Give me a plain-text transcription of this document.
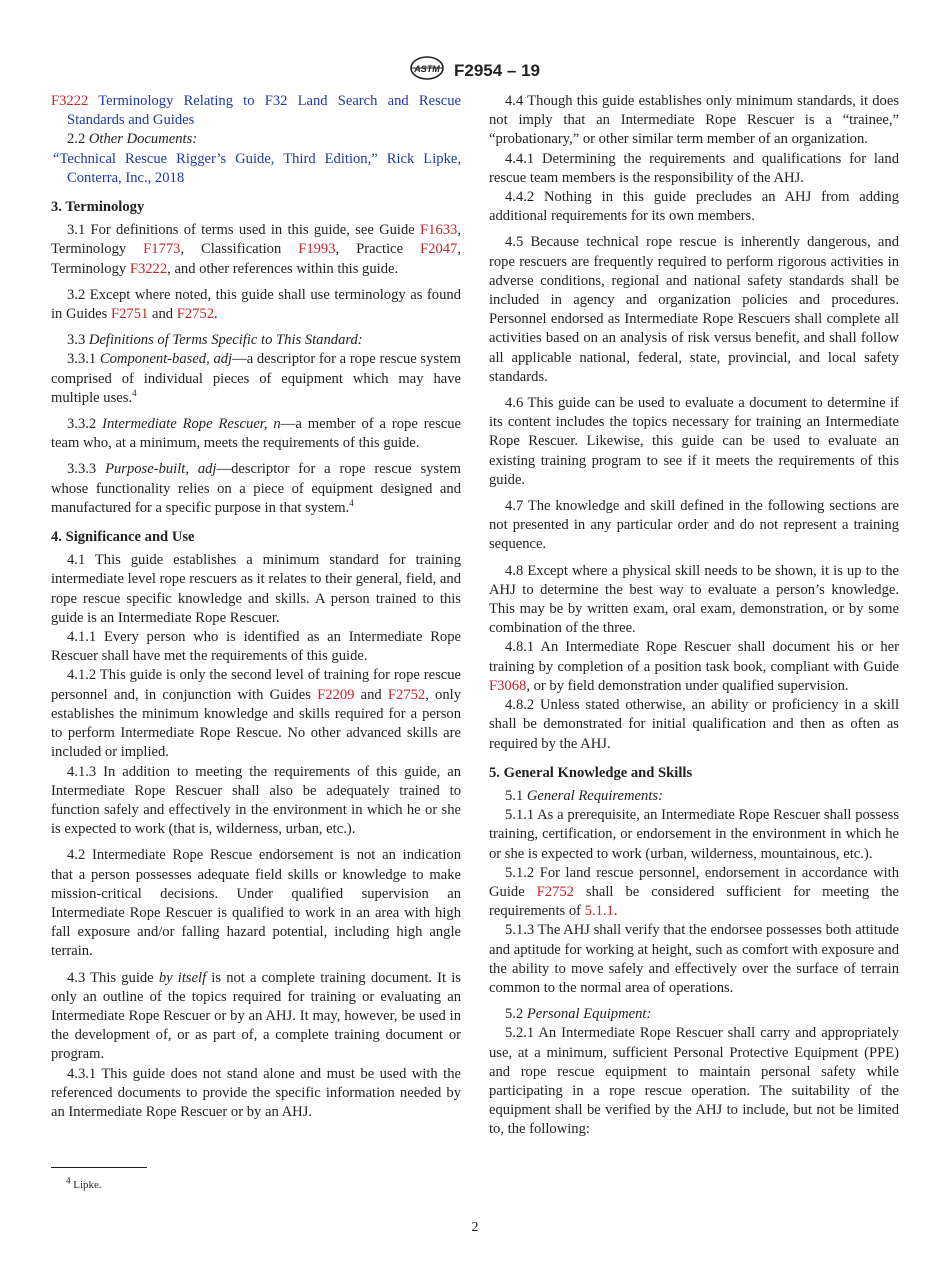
ASTM F2954 – 19

F3222 Terminology Relating to F32 Land Search and Rescue Standards and Guides

2.2 Other Documents:

“Technical Rescue Rigger’s Guide, Third Edition,” Rick Lipke, Conterra, Inc., 2018

3. Terminology

3.1 For definitions of terms used in this guide, see Guide F1633, Terminology F1773, Classification F1993, Practice F2047, Terminology F3222, and other references within this guide.

3.2 Except where noted, this guide shall use terminology as found in Guides F2751 and F2752.

3.3 Definitions of Terms Specific to This Standard:

3.3.1 Component-based, adj—a descriptor for a rope rescue system comprised of individual pieces of equipment which may have multiple uses.$^4$

3.3.2 Intermediate Rope Rescuer, n—a member of a rope rescue team who, at a minimum, meets the requirements of this guide.

3.3.3 Purpose-built, adj—descriptor for a rope rescue system whose functionality relies on a piece of equipment designed and manufactured for a specific purpose in that system.$^4$

4. Significance and Use

4.1 This guide establishes a minimum standard for training intermediate level rope rescuers as it relates to their general, field, and rope rescue specific knowledge and skills. A person trained to this guide is an Intermediate Rope Rescuer.

4.1.1 Every person who is identified as an Intermediate Rope Rescuer shall have met the requirements of this guide.

4.1.2 This guide is only the second level of training for rope rescue personnel and, in conjunction with Guides F2209 and F2752, only establishes the minimum knowledge and skills required for a person to perform Intermediate Rope Rescue. No other advanced skills are included or implied.

4.1.3 In addition to meeting the requirements of this guide, an Intermediate Rope Rescuer shall also be adequately trained to function safely and effectively in the environment in which he or she is expected to work (that is, wilderness, urban, etc.).

4.2 Intermediate Rope Rescue endorsement is not an indication that a person possesses adequate field skills or knowledge to make mission-critical decisions. Under qualified supervision an Intermediate Rope Rescuer is qualified to work in an area with high fall exposure and/or falling hazard potential, including high angle terrain.

4.3 This guide by itself is not a complete training document. It is only an outline of the topics required for training or evaluating an Intermediate Rope Rescuer or by an AHJ. It may, however, be used in the development of, or as part of, a complete training document or program.

4.3.1 This guide does not stand alone and must be used with the referenced documents to provide the specific information needed by an Intermediate Rope Rescuer or by an AHJ.

4.4 Though this guide establishes only minimum standards, it does not imply that an Intermediate Rope Rescuer is a “trainee,” “probationary,” or other similar term member of an organization.

4.4.1 Determining the requirements and qualifications for land rescue team members is the responsibility of the AHJ.

4.4.2 Nothing in this guide precludes an AHJ from adding additional requirements for its own members.

4.5 Because technical rope rescue is inherently dangerous, and rope rescuers are frequently required to perform rigorous activities in adverse conditions, regional and national safety standards shall be included in agency and organization policies and procedures. Personnel endorsed as Intermediate Rope Rescuers shall complete all activities based on an analysis of risk versus benefit, and shall follow all applicable national, federal, state, provincial, and local safety standards.

4.6 This guide can be used to evaluate a document to determine if its content includes the topics necessary for training an Intermediate Rope Rescuer. Likewise, this guide can be used to evaluate an existing training program to see if it meets the requirements of this guide.

4.7 The knowledge and skill defined in the following sections are not presented in any particular order and do not represent a training sequence.

4.8 Except where a physical skill needs to be shown, it is up to the AHJ to determine the best way to evaluate a person’s knowledge. This may be by written exam, oral exam, demonstration, or by some combination of the three.

4.8.1 An Intermediate Rope Rescuer shall document his or her training by completion of a position task book, compliant with Guide F3068, or by field demonstration under qualified supervision.

4.8.2 Unless stated otherwise, an ability or proficiency in a skill shall be demonstrated for initial qualification and then as often as required by the AHJ.

5. General Knowledge and Skills

5.1 General Requirements:

5.1.1 As a prerequisite, an Intermediate Rope Rescuer shall possess training, certification, or endorsement in the environment in which he or she is expected to work (urban, wilderness, mountainous, etc.).

5.1.2 For land rescue personnel, endorsement in accordance with Guide F2752 shall be considered sufficient for meeting the requirements of 5.1.1.

5.1.3 The AHJ shall verify that the endorsee possesses both attitude and aptitude for working at height, such as comfort with exposure and the ability to move safely and effectively over the surface of terrain common to the normal area of operations.

5.2 Personal Equipment:

5.2.1 An Intermediate Rope Rescuer shall carry and appropriately use, at a minimum, sufficient Personal Protective Equipment (PPE) and rope rescue equipment to maintain personal safety while participating in a rope rescue operation. The suitability of the equipment shall be verified by the AHJ to include, but not be limited to, the following:

$^4$ Lipke.
2
